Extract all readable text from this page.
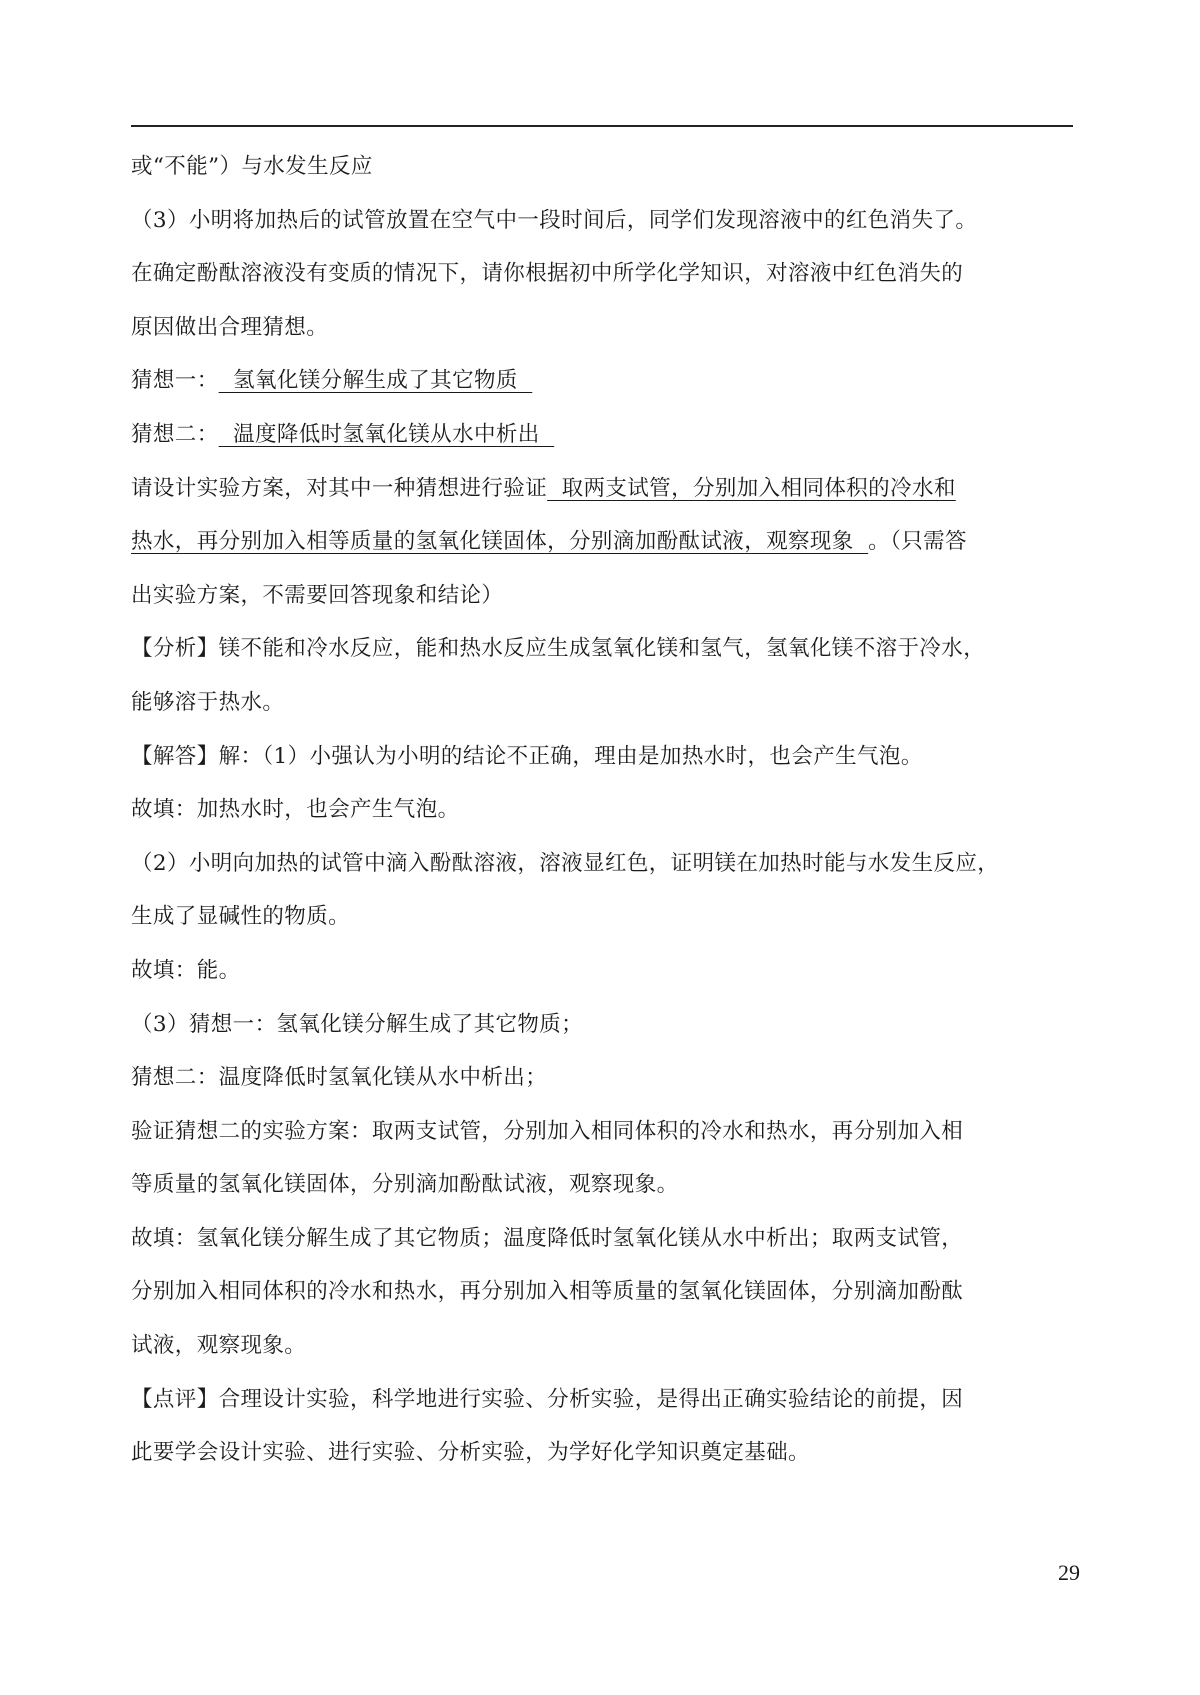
或“不能”）与水发生反应
（3）小明将加热后的试管放置在空气中一段时间后，同学们发现溶液中的红色消失了。
在确定酚酞溶液没有变质的情况下，请你根据初中所学化学知识，对溶液中红色消失的
原因做出合理猜想。
猜想一：  氢氧化镁分解生成了其它物质
猜想二：  温度降低时氢氧化镁从水中析出
请设计实验方案，对其中一种猜想进行验证  取两支试管，分别加入相同体积的冷水和
热水，再分别加入相等质量的氢氧化镁固体，分别滴加酚酞试液，观察现象  。（只需答
出实验方案，不需要回答现象和结论）
【分析】镁不能和冷水反应，能和热水反应生成氢氧化镁和氢气，氢氧化镁不溶于冷水，
能够溶于热水。
【解答】解：（1）小强认为小明的结论不正确，理由是加热水时，也会产生气泡。
故填：加热水时，也会产生气泡。
（2）小明向加热的试管中滴入酚酞溶液，溶液显红色，证明镁在加热时能与水发生反应，
生成了显碱性的物质。
故填：能。
（3）猜想一：氢氧化镁分解生成了其它物质；
猜想二：温度降低时氢氧化镁从水中析出；
验证猜想二的实验方案：取两支试管，分别加入相同体积的冷水和热水，再分别加入相
等质量的氢氧化镁固体，分别滴加酚酞试液，观察现象。
故填：氢氧化镁分解生成了其它物质；温度降低时氢氧化镁从水中析出；取两支试管，
分别加入相同体积的冷水和热水，再分别加入相等质量的氢氧化镁固体，分别滴加酚酞
试液，观察现象。
【点评】合理设计实验，科学地进行实验、分析实验，是得出正确实验结论的前提，因
此要学会设计实验、进行实验、分析实验，为学好化学知识奠定基础。
29
